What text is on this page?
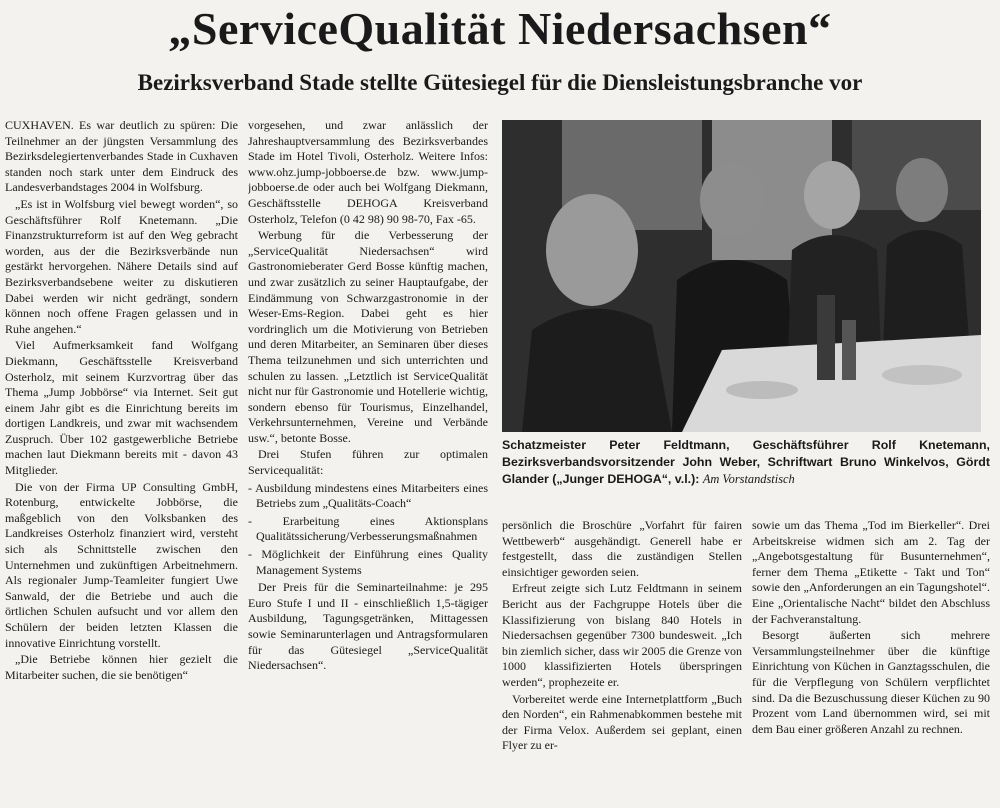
„ServiceQualität Niedersachsen“
Bezirksverband Stade stellte Gütesiegel für die Diensleistungsbranche vor

CUXHAVEN. Es war deutlich zu spüren: Die Teilnehmer an der jüngsten Versammlung des Bezirksdelegiertenverbandes Stade in Cuxhaven standen noch stark unter dem Eindruck des Landesverbandstages 2004 in Wolfsburg.

„Es ist in Wolfsburg viel bewegt worden“, so Geschäftsführer Rolf Knetemann. „Die Finanzstrukturreform ist auf den Weg gebracht worden, aus der die Bezirksverbände nun gestärkt hervorgehen. Nähere Details sind auf Bezirksverbandsebene weiter zu diskutieren Dabei werden wir nicht gedrängt, sondern können noch offene Fragen gelassen und in Ruhe angehen.“

Viel Aufmerksamkeit fand Wolfgang Diekmann, Geschäftsstelle Kreisverband Osterholz, mit seinem Kurzvortrag über das Thema „Jump Jobbörse“ via Internet. Seit gut einem Jahr gibt es die Einrichtung bereits im dortigen Landkreis, und zwar mit wachsendem Zuspruch. Über 102 gastgewerbliche Betriebe machen laut Diekmann bereits mit - davon 43 Mitglieder.

Die von der Firma UP Consulting GmbH, Rotenburg, entwickelte Jobbörse, die maßgeblich von den Volksbanken des Landkreises Osterholz finanziert wird, versteht sich als Schnittstelle zwischen den Unternehmen und zukünftigen Arbeitnehmern. Als regionaler Jump-Teamleiter fungiert Uwe Sanwald, der die Betriebe und auch die örtlichen Schulen aufsucht und vor allem den Schülern der beiden letzten Klassen die innovative Einrichtung vorstellt.

„Die Betriebe können hier gezielt die Mitarbeiter suchen, die sie benötigen“

vorgesehen, und zwar anlässlich der Jahreshauptversammlung des Bezirksverbandes Stade im Hotel Tivoli, Osterholz. Weitere Infos: www.ohz.jump-jobboerse.de bzw. www.jump-jobboerse.de oder auch bei Wolfgang Diekmann, Geschäftsstelle DEHOGA Kreisverband Osterholz, Telefon (0 42 98) 90 98-70, Fax -65.

Werbung für die Verbesserung der „ServiceQualität Niedersachsen“ wird Gastronomieberater Gerd Bosse künftig machen, und zwar zusätzlich zu seiner Hauptaufgabe, der Eindämmung von Schwarzgastronomie in der Weser-Ems-Region. Dabei geht es hier vordringlich um die Motivierung von Betrieben und deren Mitarbeiter, an Seminaren über dieses Thema teilzunehmen und sich unterrichten und schulen zu lassen. „Letztlich ist ServiceQualität nicht nur für Gastronomie und Hotellerie wichtig, sondern ebenso für Tourismus, Einzelhandel, Verkehrsunternehmen, Vereine und Verbände usw.“, betonte Bosse.

Drei Stufen führen zur optimalen Servicequalität:

- Ausbildung mindestens eines Mitarbeiters eines Betriebs zum „Qualitäts-Coach“
- Erarbeitung eines Aktionsplans Qualitätssicherung/Verbesserungsmaßnahmen
- Möglichkeit der Einführung eines Quality Management Systems

Der Preis für die Seminarteilnahme: je 295 Euro Stufe I und II - einschließlich 1,5-tägiger Ausbildung, Tagungsgetränken, Mittagessen sowie Seminarunterlagen und Antragsformularen für das Gütesiegel „ServiceQualität Niedersachsen“.

Schatzmeister Peter Feldtmann, Geschäftsführer Rolf Knetemann, Bezirksverbandsvorsitzender John Weber, Schriftwart Bruno Winkelvos, Gördt Glander („Junger DEHOGA“, v.l.): Am Vorstandstisch

persönlich die Broschüre „Vorfahrt für fairen Wettbewerb“ ausgehändigt. Generell habe er festgestellt, dass die zuständigen Stellen einsichtiger geworden seien.

Erfreut zeigte sich Lutz Feldtmann in seinem Bericht aus der Fachgruppe Hotels über die Klassifizierung von bislang 840 Hotels in Niedersachsen gegenüber 7300 bundesweit. „Ich bin ziemlich sicher, dass wir 2005 die Grenze von 1000 klassifizierten Hotels überspringen werden“, prophezeite er.

Vorbereitet werde eine Internetplattform „Buch den Norden“, ein Rahmenabkommen bestehe mit der Firma Velox. Außerdem sei geplant, einen Flyer zu er-

sowie um das Thema „Tod im Bierkeller“. Drei Arbeitskreise widmen sich am 2. Tag der „Angebotsgestaltung für Busunternehmen“, ferner dem Thema „Etikette - Takt und Ton“ sowie den „Anforderungen an ein Tagungshotel“. Eine „Orientalische Nacht“ bildet den Abschluss der Fachveranstaltung.

Besorgt äußerten sich mehrere Versammlungsteilnehmer über die künftige Einrichtung von Küchen in Ganztagsschulen, die für die Verpflegung von Schülern verpflichtet sind. Da die Bezuschussung dieser Küchen zu 90 Prozent vom Land übernommen wird, sei mit dem Bau einer größeren Anzahl zu rechnen.
